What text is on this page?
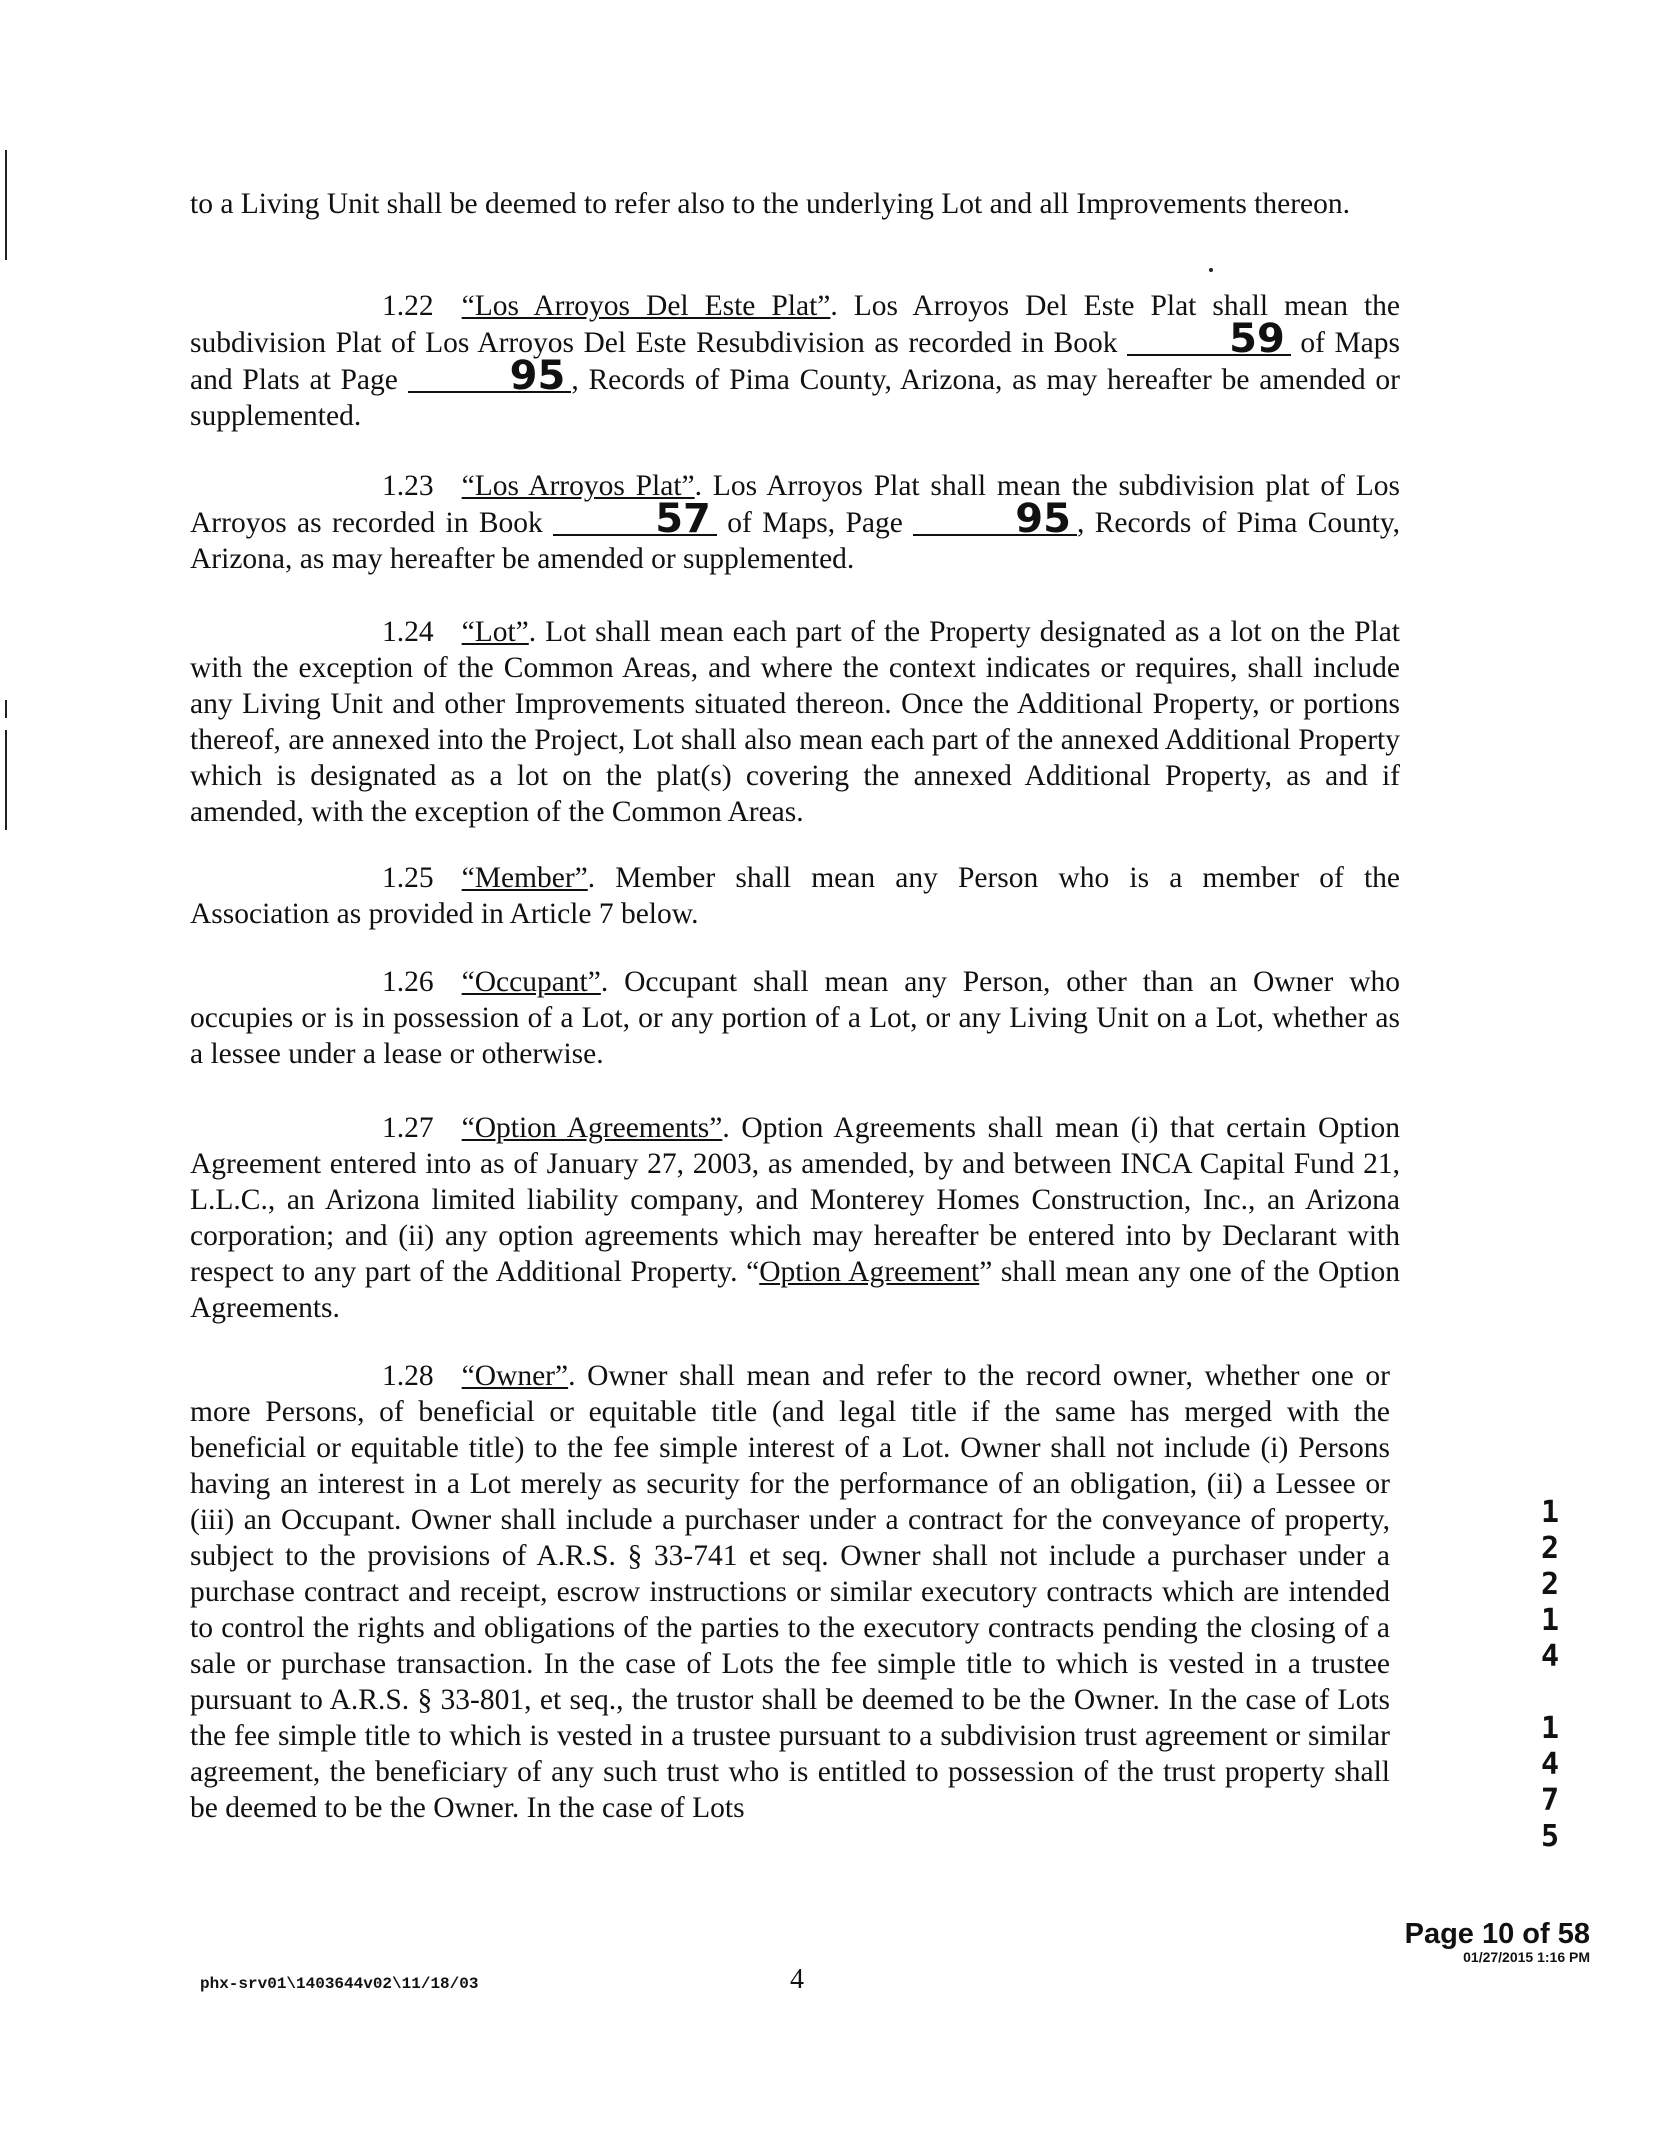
to a Living Unit shall be deemed to refer also to the underlying Lot and all Improvements thereon.

1.22 “Los Arroyos Del Este Plat”. Los Arroyos Del Este Plat shall mean the subdivision Plat of Los Arroyos Del Este Resubdivision as recorded in Book	59 of Maps and Plats at Page	95 , Records of Pima County, Arizona, as may hereafter be amended or supplemented.

1.23 “Los Arroyos Plat”. Los Arroyos Plat shall mean the subdivision plat of Los Arroyos as recorded in Book	57 of Maps, Page	95 , Records of Pima County, Arizona, as may hereafter be amended or supplemented.

1.24 “Lot”. Lot shall mean each part of the Property designated as a lot on the Plat with the exception of the Common Areas, and where the context indicates or requires, shall include any Living Unit and other Improvements situated thereon. Once the Additional Property, or portions thereof, are annexed into the Project, Lot shall also mean each part of the annexed Additional Property which is designated as a lot on the plat(s) covering the annexed Additional Property, as and if amended, with the exception of the Common Areas.

1.25 “Member”. Member shall mean any Person who is a member of the Association as provided in Article 7 below.

1.26 “Occupant”. Occupant shall mean any Person, other than an Owner who occupies or is in possession of a Lot, or any portion of a Lot, or any Living Unit on a Lot, whether as a lessee under a lease or otherwise.

1.27 “Option Agreements”. Option Agreements shall mean (i) that certain Option Agreement entered into as of January 27, 2003, as amended, by and between INCA Capital Fund 21, L.L.C., an Arizona limited liability company, and Monterey Homes Construction, Inc., an Arizona corporation; and (ii) any option agreements which may hereafter be entered into by Declarant with respect to any part of the Additional Property. “Option Agreement” shall mean any one of the Option Agreements.

1.28 “Owner”. Owner shall mean and refer to the record owner, whether one or more Persons, of beneficial or equitable title (and legal title if the same has merged with the beneficial or equitable title) to the fee simple interest of a Lot. Owner shall not include (i) Persons having an interest in a Lot merely as security for the performance of an obligation, (ii) a Lessee or (iii) an Occupant. Owner shall include a purchaser under a contract for the conveyance of property, subject to the provisions of A.R.S. § 33-741 et seq. Owner shall not include a purchaser under a purchase contract and receipt, escrow instructions or similar executory contracts which are intended to control the rights and obligations of the parties to the executory contracts pending the closing of a sale or purchase transaction. In the case of Lots the fee simple title to which is vested in a trustee pursuant to A.R.S. § 33-801, et seq., the trustor shall be deemed to be the Owner. In the case of Lots the fee simple title to which is vested in a trustee pursuant to a subdivision trust agreement or similar agreement, the beneficiary of any such trust who is entitled to possession of the trust property shall be deemed to be the Owner. In the case of Lots

1
2
2
1
4
1
4
7
5
Page 10 of 58
01/27/2015 1:16 PM
phx-srv01\1403644v02\11/18/03	4
